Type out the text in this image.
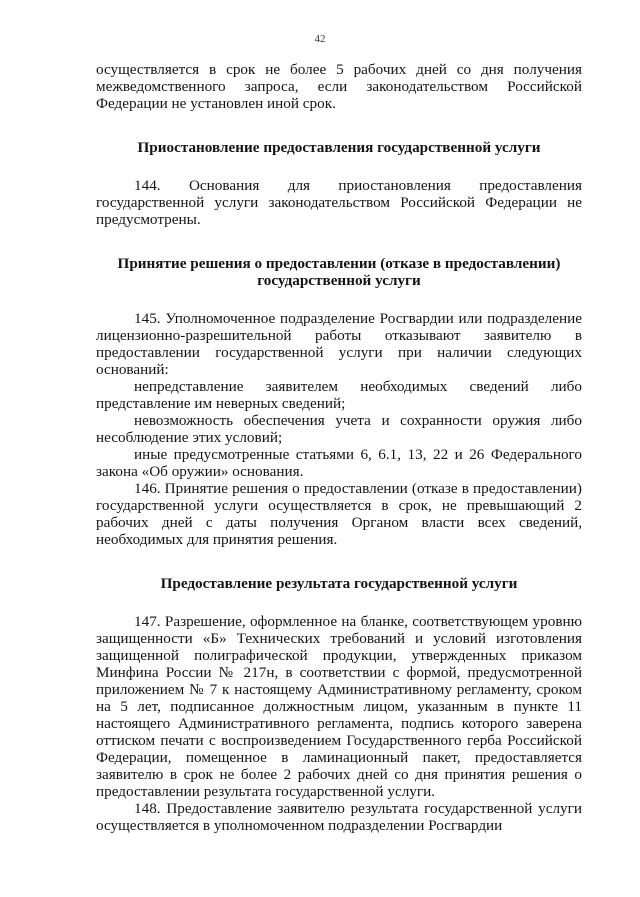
42

осуществляется в срок не более 5 рабочих дней со дня получения межведомственного запроса, если законодательством Российской Федерации не установлен иной срок.

Приостановление предоставления государственной услуги

144. Основания для приостановления предоставления государственной услуги законодательством Российской Федерации не предусмотрены.

Принятие решения о предоставлении (отказе в предоставлении) государственной услуги

145. Уполномоченное подразделение Росгвардии или подразделение лицензионно-разрешительной работы отказывают заявителю в предоставлении государственной услуги при наличии следующих оснований:

непредставление заявителем необходимых сведений либо представление им неверных сведений;

невозможность обеспечения учета и сохранности оружия либо несоблюдение этих условий;

иные предусмотренные статьями 6, 6.1, 13, 22 и 26 Федерального закона «Об оружии» основания.

146. Принятие решения о предоставлении (отказе в предоставлении) государственной услуги осуществляется в срок, не превышающий 2 рабочих дней с даты получения Органом власти всех сведений, необходимых для принятия решения.

Предоставление результата государственной услуги

147. Разрешение, оформленное на бланке, соответствующем уровню защищенности «Б» Технических требований и условий изготовления защищенной полиграфической продукции, утвержденных приказом Минфина России № 217н, в соответствии с формой, предусмотренной приложением № 7 к настоящему Административному регламенту, сроком на 5 лет, подписанное должностным лицом, указанным в пункте 11 настоящего Административного регламента, подпись которого заверена оттиском печати с воспроизведением Государственного герба Российской Федерации, помещенное в ламинационный пакет, предоставляется заявителю в срок не более 2 рабочих дней со дня принятия решения о предоставлении результата государственной услуги.

148. Предоставление заявителю результата государственной услуги осуществляется в уполномоченном подразделении Росгвардии
